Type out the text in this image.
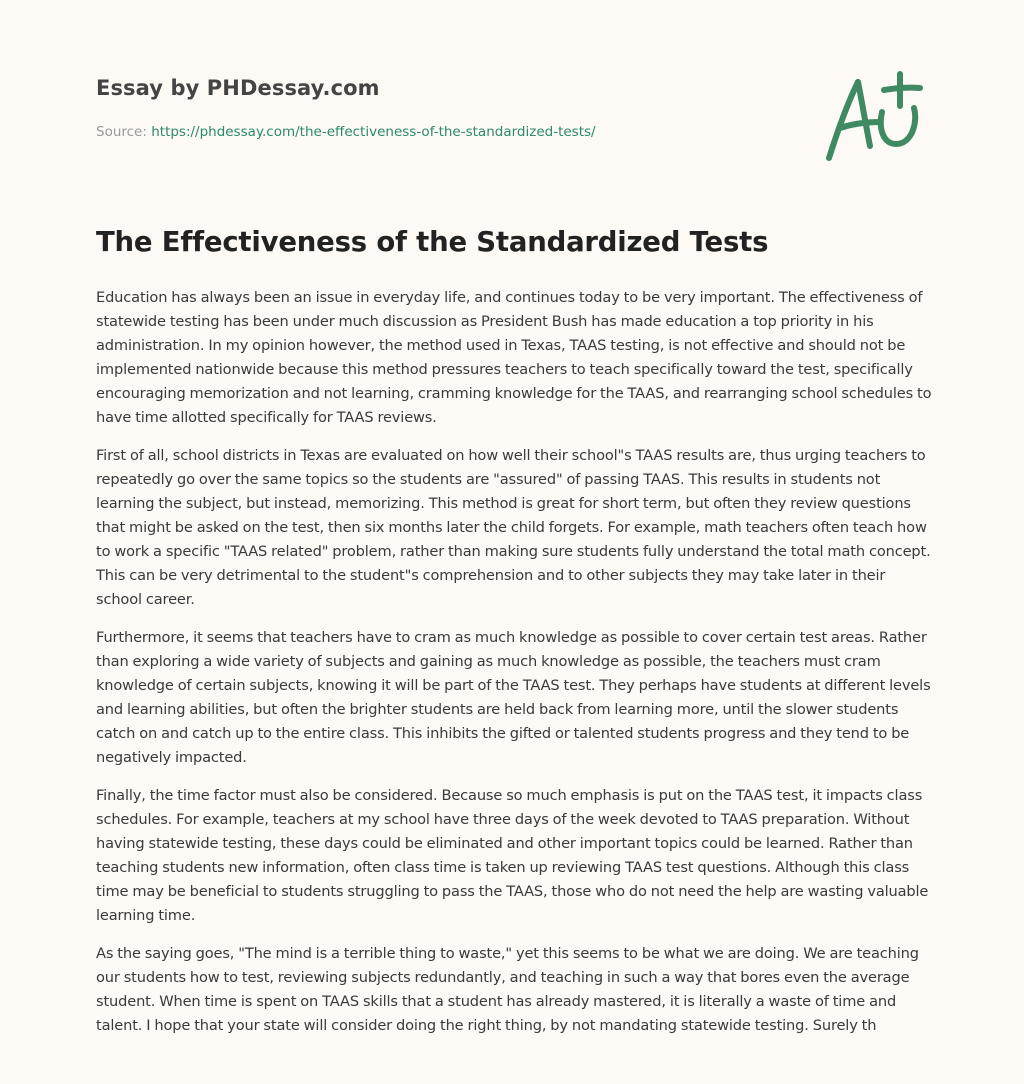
Essay by PHDessay.com
Source: https://phdessay.com/the-effectiveness-of-the-standardized-tests/
The Effectiveness of the Standardized Tests

Education has always been an issue in everyday life, and continues today to be very important. The effectiveness of statewide testing has been under much discussion as President Bush has made education a top priority in his administration. In my opinion however, the method used in Texas, TAAS testing, is not effective and should not be implemented nationwide because this method pressures teachers to teach specifically toward the test, specifically encouraging memorization and not learning, cramming knowledge for the TAAS, and rearranging school schedules to have time allotted specifically for TAAS reviews.

First of all, school districts in Texas are evaluated on how well their school"s TAAS results are, thus urging teachers to repeatedly go over the same topics so the students are "assured" of passing TAAS. This results in students not learning the subject, but instead, memorizing. This method is great for short term, but often they review questions that might be asked on the test, then six months later the child forgets. For example, math teachers often teach how to work a specific "TAAS related" problem, rather than making sure students fully understand the total math concept. This can be very detrimental to the student"s comprehension and to other subjects they may take later in their school career.

Furthermore, it seems that teachers have to cram as much knowledge as possible to cover certain test areas. Rather than exploring a wide variety of subjects and gaining as much knowledge as possible, the teachers must cram knowledge of certain subjects, knowing it will be part of the TAAS test. They perhaps have students at different levels and learning abilities, but often the brighter students are held back from learning more, until the slower students catch on and catch up to the entire class. This inhibits the gifted or talented students progress and they tend to be negatively impacted.

Finally, the time factor must also be considered. Because so much emphasis is put on the TAAS test, it impacts class schedules. For example, teachers at my school have three days of the week devoted to TAAS preparation. Without having statewide testing, these days could be eliminated and other important topics could be learned. Rather than teaching students new information, often class time is taken up reviewing TAAS test questions. Although this class time may be beneficial to students struggling to pass the TAAS, those who do not need the help are wasting valuable learning time.

As the saying goes, "The mind is a terrible thing to waste," yet this seems to be what we are doing. We are teaching our students how to test, reviewing subjects redundantly, and teaching in such a way that bores even the average student. When time is spent on TAAS skills that a student has already mastered, it is literally a waste of time and talent. I hope that your state will consider doing the right thing, by not mandating statewide testing. Surely th
